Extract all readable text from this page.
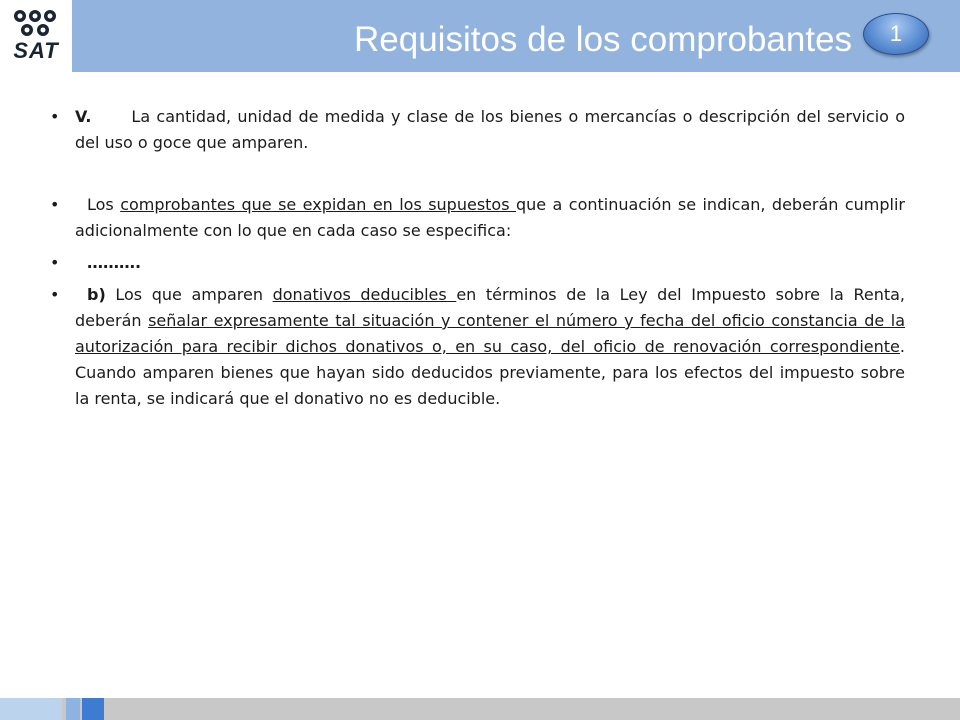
SAT	Requisitos de los comprobantes	1
• V.	La cantidad, unidad de medida y clase de los bienes o mercancías o descripción del servicio o del uso o goce que amparen.
• Los comprobantes que se expidan en los supuestos que a continuación se indican, deberán cumplir adicionalmente con lo que en cada caso se especifica:
• ……….
• b) Los que amparen donativos deducibles en términos de la Ley del Impuesto sobre la Renta, deberán señalar expresamente tal situación y contener el número y fecha del oficio constancia de la autorización para recibir dichos donativos o, en su caso, del oficio de renovación correspondiente. Cuando amparen bienes que hayan sido deducidos previamente, para los efectos del impuesto sobre la renta, se indicará que el donativo no es deducible.
